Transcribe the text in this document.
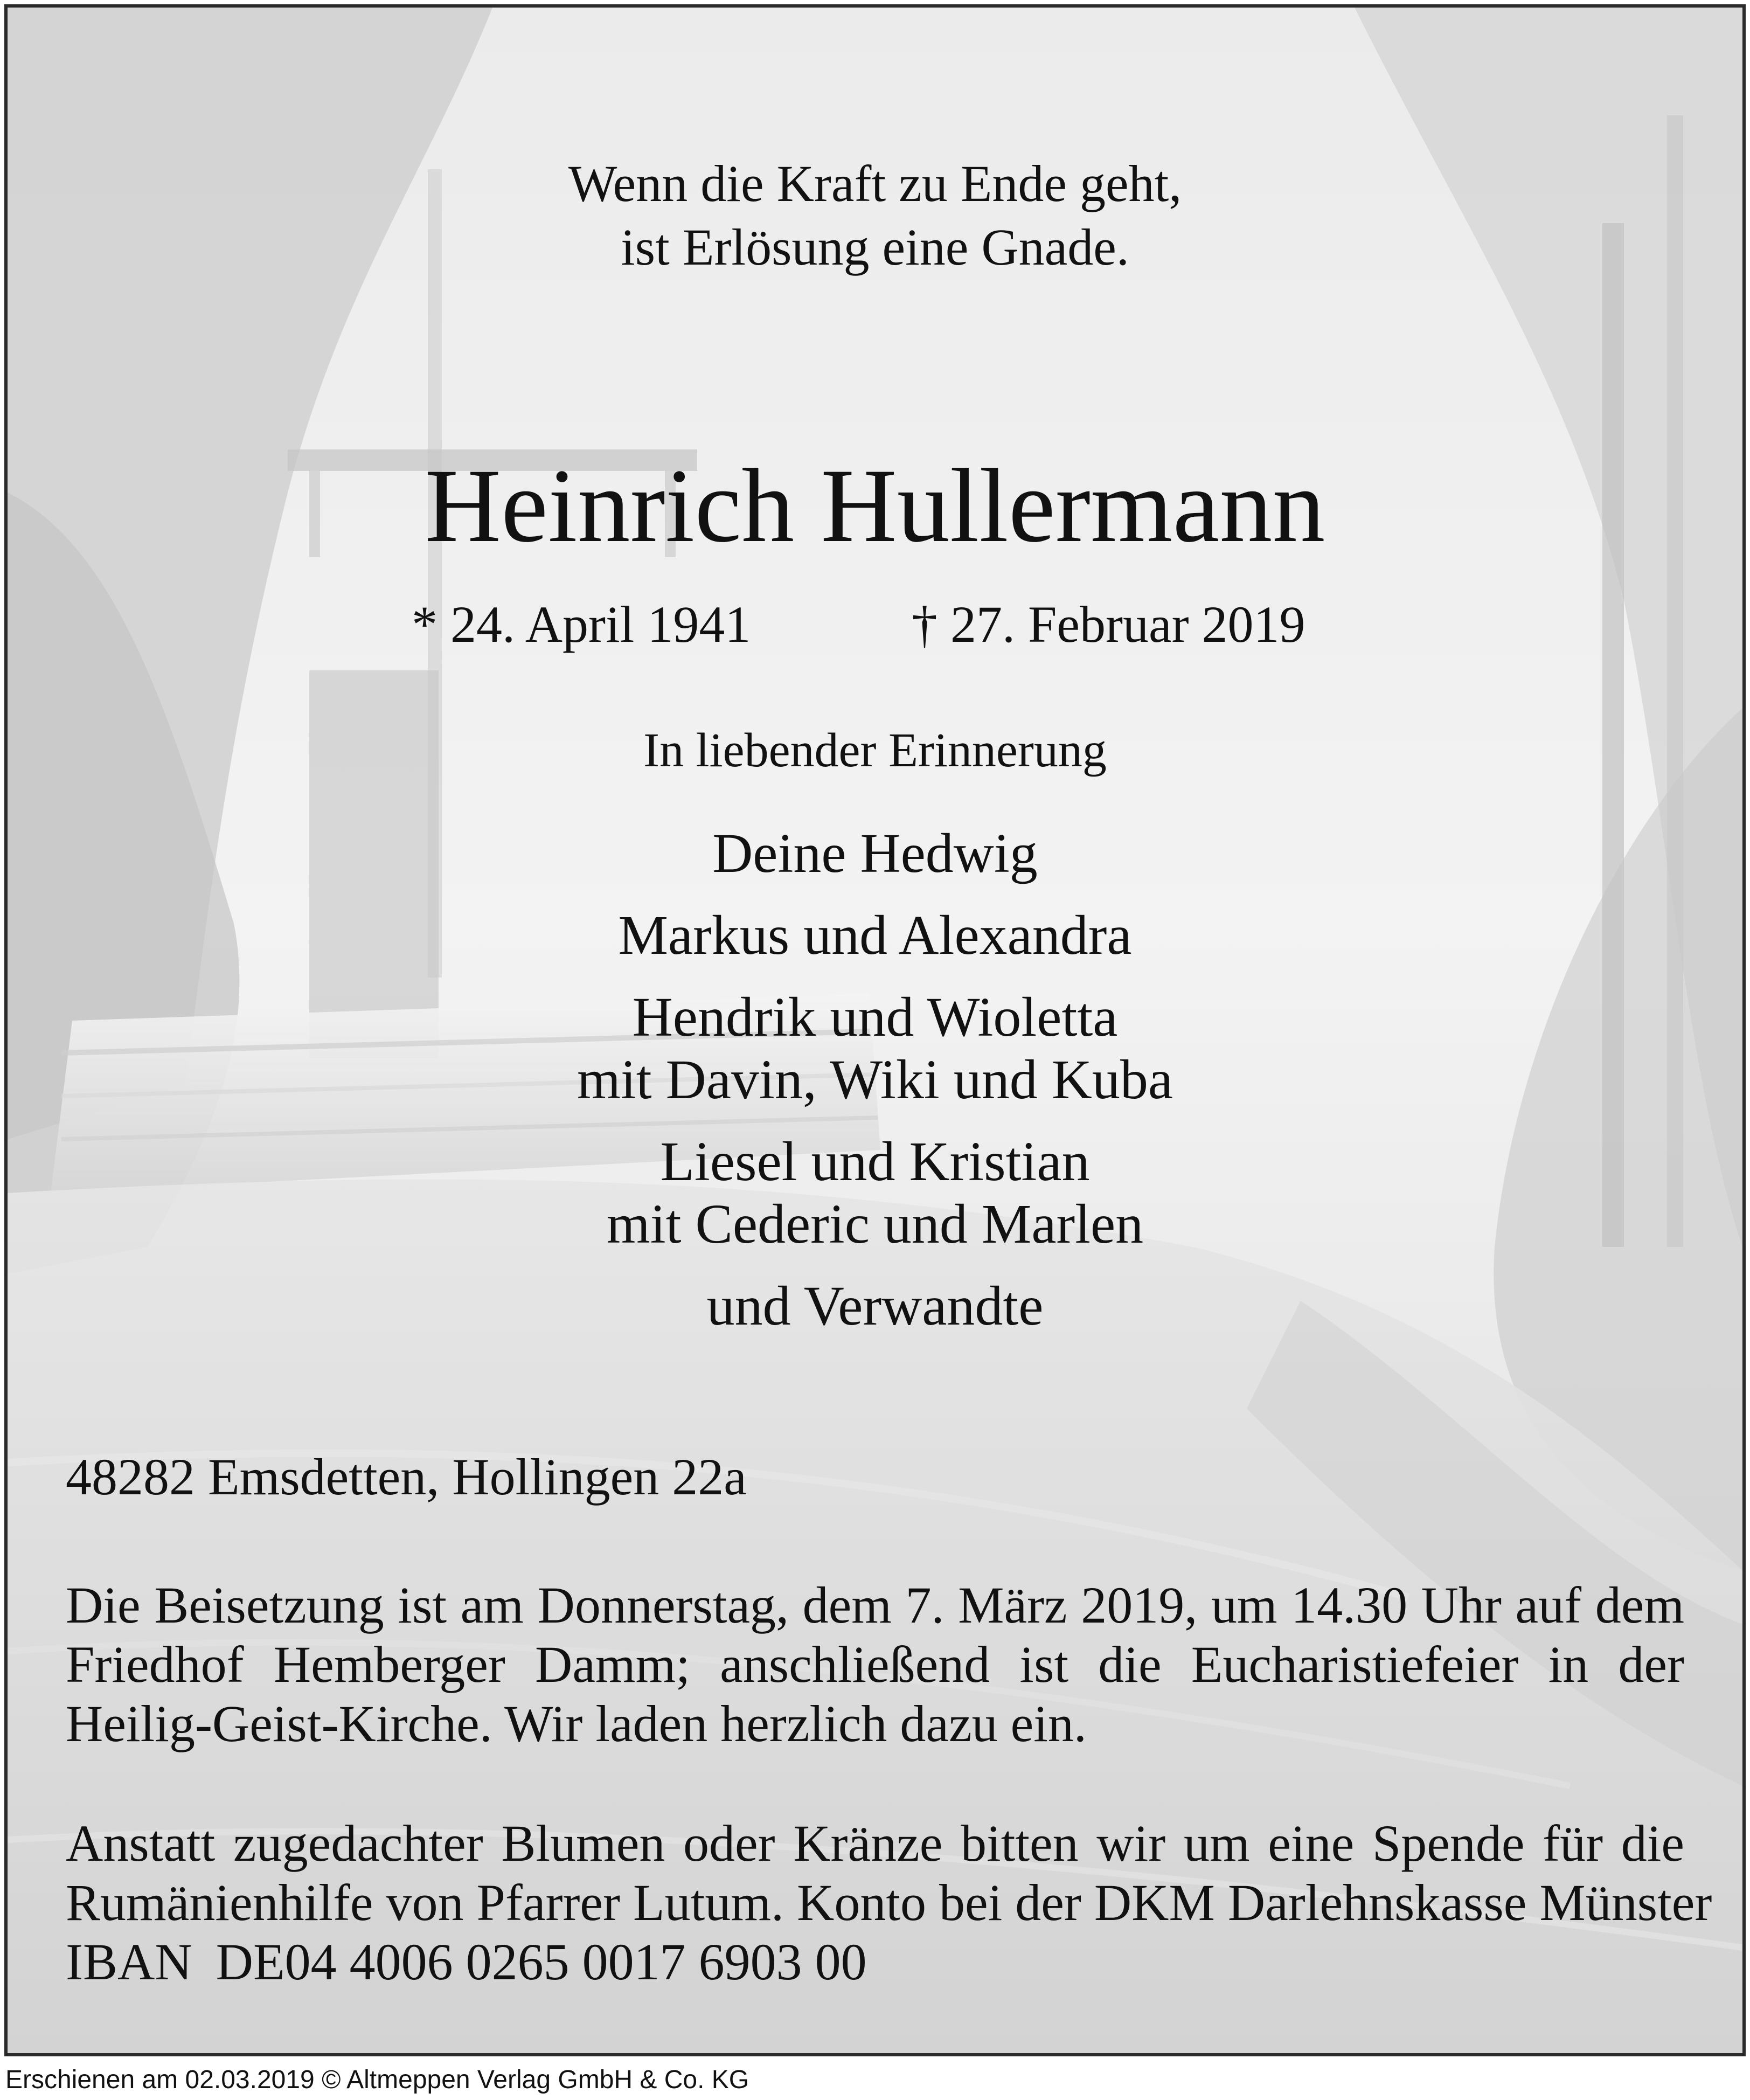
Wenn die Kraft zu Ende geht,
ist Erlösung eine Gnade.
Heinrich Hullermann
* 24. April 1941	† 27. Februar 2019
In liebender Erinnerung
Deine Hedwig
Markus und Alexandra
Hendrik und Wioletta
mit Davin, Wiki und Kuba
Liesel und Kristian
mit Cederic und Marlen
und Verwandte
48282 Emsdetten, Hollingen 22a
Die Beisetzung ist am Donnerstag, dem 7. März 2019, um 14.30 Uhr auf dem
Friedhof Hemberger Damm; anschließend ist die Eucharistiefeier in der
Heilig-Geist-Kirche. Wir laden herzlich dazu ein.
Anstatt zugedachter Blumen oder Kränze bitten wir um eine Spende für die
Rumänienhilfe von Pfarrer Lutum. Konto bei der DKM Darlehnskasse Münster
IBAN DE04 4006 0265 0017 6903 00
Erschienen am 02.03.2019 © Altmeppen Verlag GmbH & Co. KG
